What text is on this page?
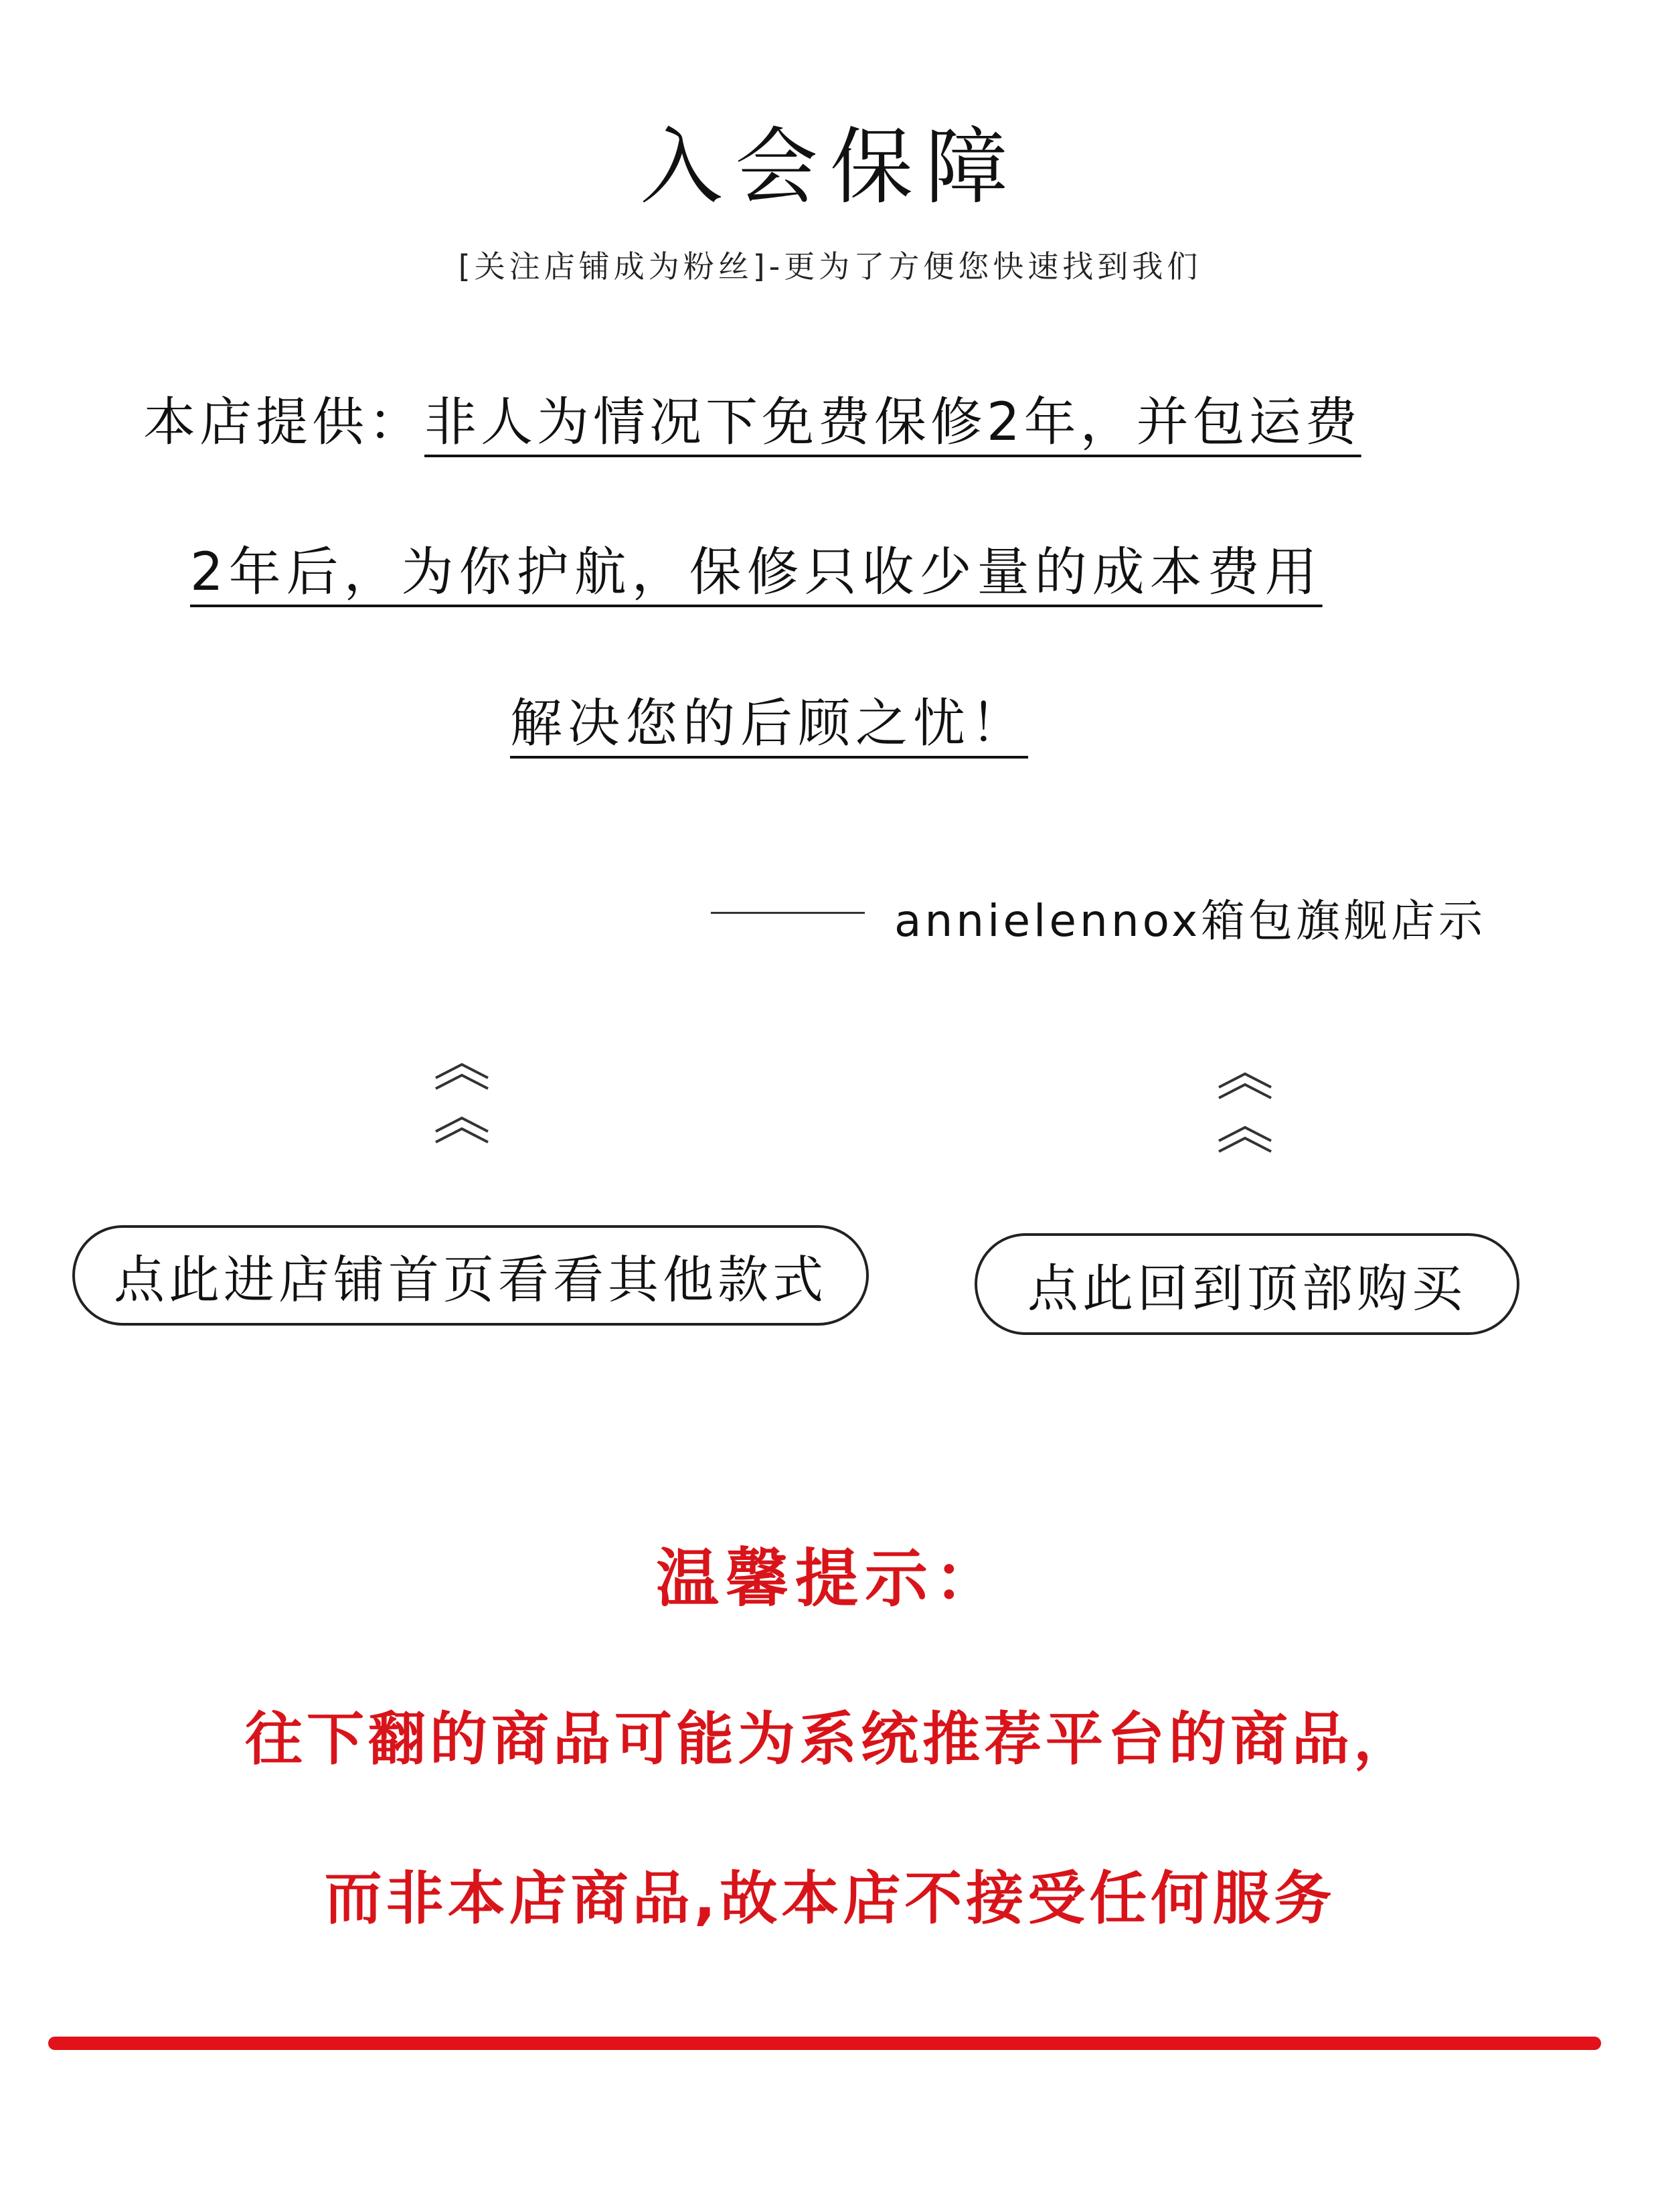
入会保障
[关注店铺成为粉丝]-更为了方便您快速找到我们
本店提供：非人为情况下免费保修2年，并包运费
2年后，为你护航，保修只收少量的成本费用
解决您的后顾之忧！
annielennox箱包旗舰店示
点此进店铺首页看看其他款式	点此回到顶部购买
温馨提示：
往下翻的商品可能为系统推荐平台的商品，
而非本店商品,故本店不接受任何服务
